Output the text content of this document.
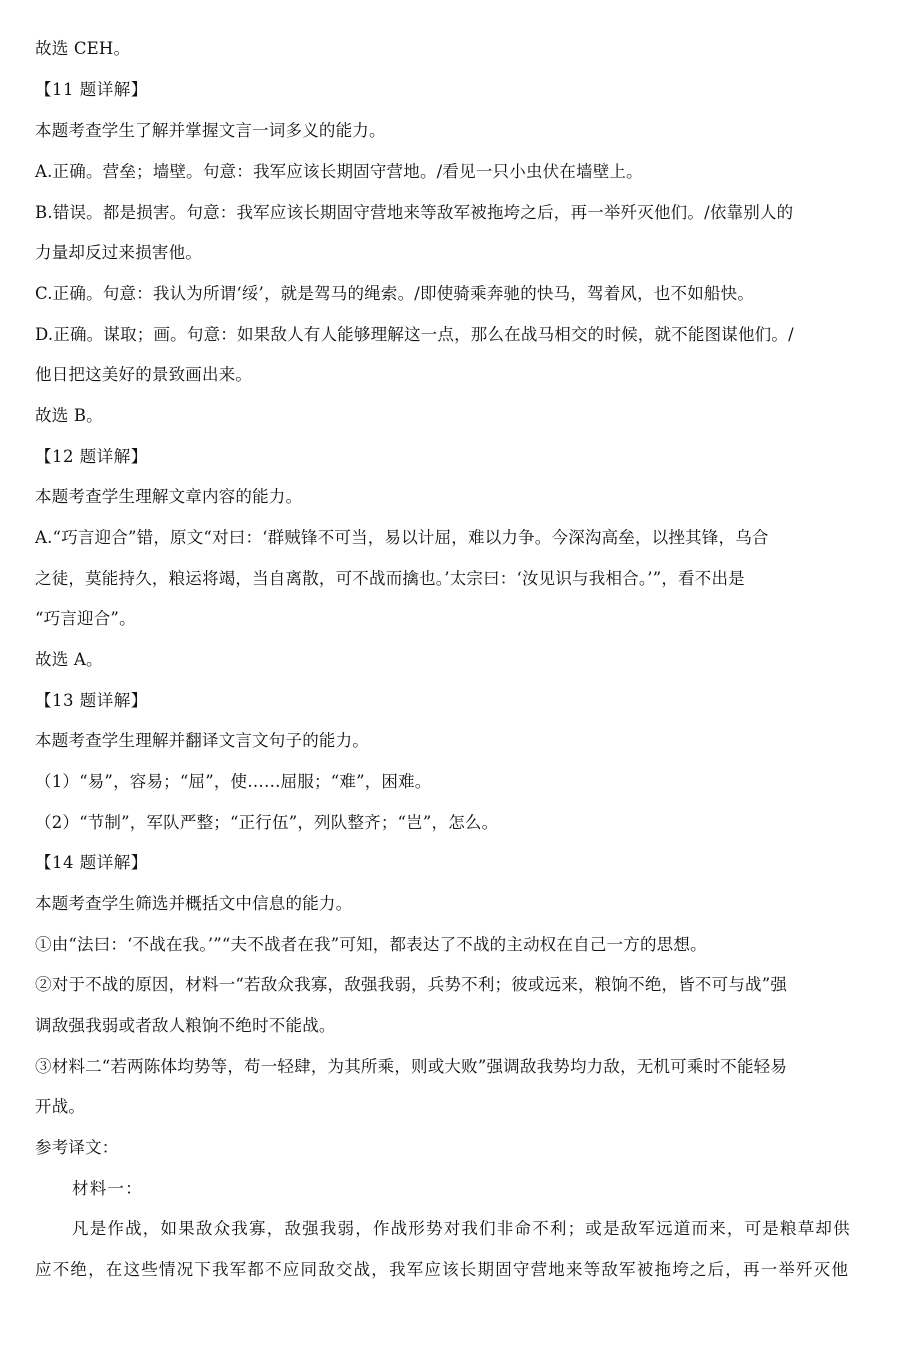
故选 CEH。

【11 题详解】

本题考查学生了解并掌握文言一词多义的能力。

A.正确。营垒；墙壁。句意：我军应该长期固守营地。/看见一只小虫伏在墙壁上。

B.错误。都是损害。句意：我军应该长期固守营地来等敌军被拖垮之后，再一举歼灭他们。/依靠别人的

力量却反过来损害他。

C.正确。句意：我认为所谓‘绥’，就是驾马的绳索。/即使骑乘奔驰的快马，驾着风，也不如船快。

D.正确。谋取；画。句意：如果敌人有人能够理解这一点，那么在战马相交的时候，就不能图谋他们。/

他日把这美好的景致画出来。

故选 B。

【12 题详解】

本题考查学生理解文章内容的能力。

A.“巧言迎合”错，原文“对曰：‘群贼锋不可当，易以计屈，难以力争。今深沟高垒，以挫其锋，乌合

之徒，莫能持久，粮运将竭，当自离散，可不战而擒也。’太宗曰：‘汝见识与我相合。’”，看不出是

“巧言迎合”。

故选 A。

【13 题详解】

本题考查学生理解并翻译文言文句子的能力。

（1）“易”，容易；“屈”，使……屈服；“难”，困难。

（2）“节制”，军队严整；“正行伍”，列队整齐；“岂”，怎么。

【14 题详解】

本题考查学生筛选并概括文中信息的能力。

①由“法曰：‘不战在我。’”“夫不战者在我”可知，都表达了不战的主动权在自己一方的思想。

②对于不战的原因，材料一“若敌众我寡，敌强我弱，兵势不利；彼或远来，粮饷不绝，皆不可与战”强

调敌强我弱或者敌人粮饷不绝时不能战。

③材料二“若两陈体均势等，苟一轻肆，为其所乘，则或大败”强调敌我势均力敌，无机可乘时不能轻易

开战。

参考译文：

材料一：

凡是作战，如果敌众我寡，敌强我弱，作战形势对我们非命不利；或是敌军远道而来，可是粮草却供

应不绝，在这些情况下我军都不应同敌交战，我军应该长期固守营地来等敌军被拖垮之后，再一举歼灭他
